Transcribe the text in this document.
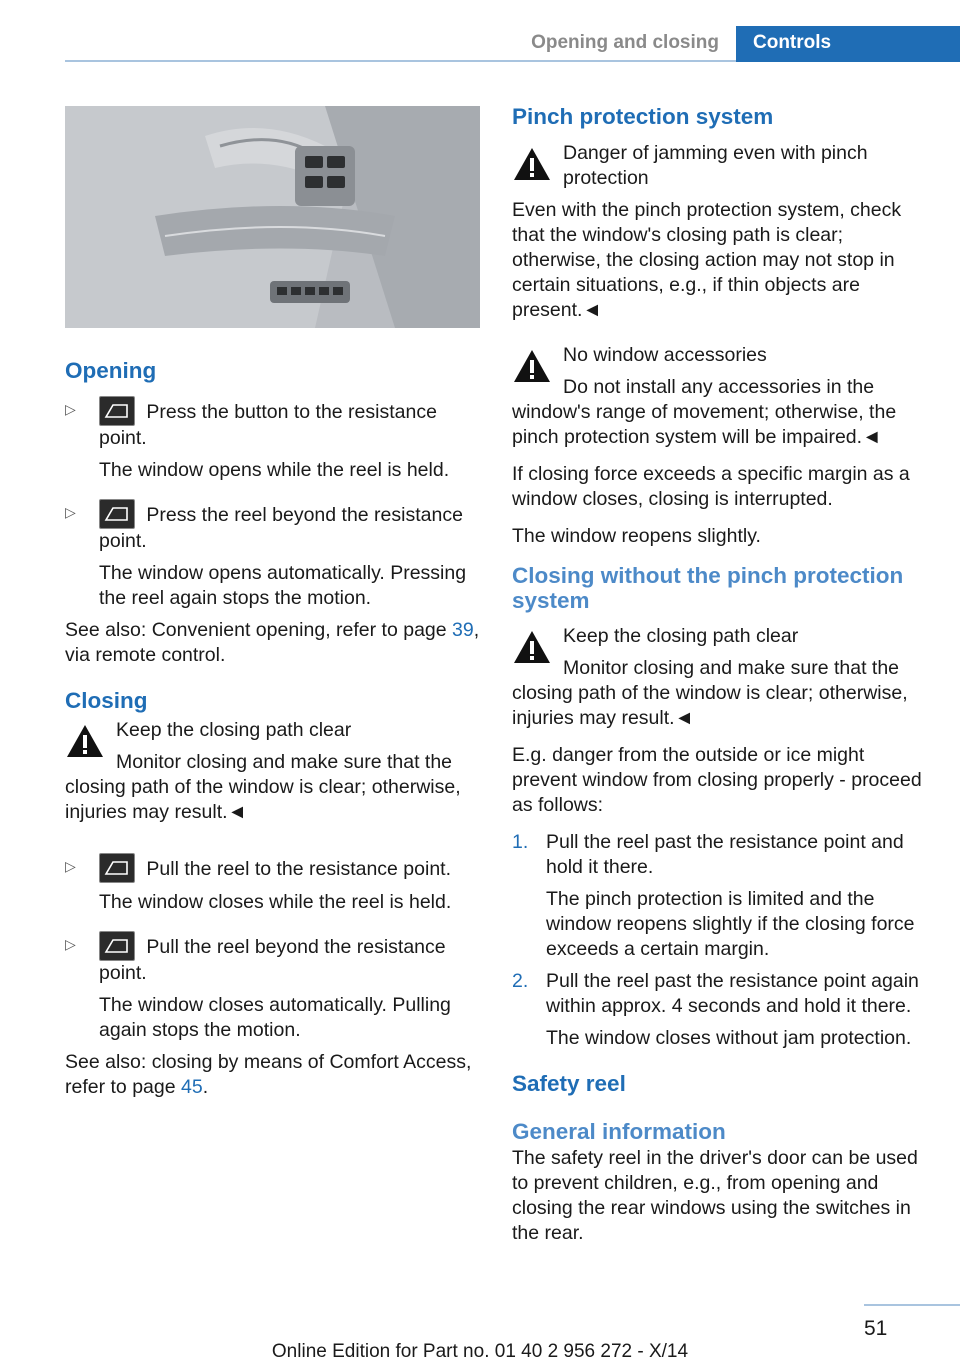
Opening and closing	Controls
Opening
▷	Press the button to the resistance point.

The window opens while the reel is held.

▷	Press the reel beyond the resistance point.

The window opens automatically. Pressing the reel again stops the motion.

See also: Convenient opening, refer to page 39, via remote control.

Closing

Keep the closing path clear

Monitor closing and make sure that the closing path of the window is clear; otherwise, injuries may result.◄

▷	Pull the reel to the resistance point.

The window closes while the reel is held.

▷	Pull the reel beyond the resistance point.

The window closes automatically. Pulling again stops the motion.

See also: closing by means of Comfort Access, refer to page 45.

Pinch protection system

Danger of jamming even with pinch protection

Even with the pinch protection system, check that the window's closing path is clear; otherwise, the closing action may not stop in certain situations, e.g., if thin objects are present.◄

No window accessories

Do not install any accessories in the window's range of movement; otherwise, the pinch protection system will be impaired.◄

If closing force exceeds a specific margin as a window closes, closing is interrupted.

The window reopens slightly.

Closing without the pinch protection system

Keep the closing path clear

Monitor closing and make sure that the closing path of the window is clear; otherwise, injuries may result.◄

E.g. danger from the outside or ice might prevent window from closing properly - proceed as follows:

1. Pull the reel past the resistance point and hold it there.

The pinch protection is limited and the window reopens slightly if the closing force exceeds a certain margin.

2. Pull the reel past the resistance point again within approx. 4 seconds and hold it there.

The window closes without jam protection.

Safety reel
General information

The safety reel in the driver's door can be used to prevent children, e.g., from opening and closing the rear windows using the switches in the rear.

51
Online Edition for Part no. 01 40 2 956 272 - X/14
